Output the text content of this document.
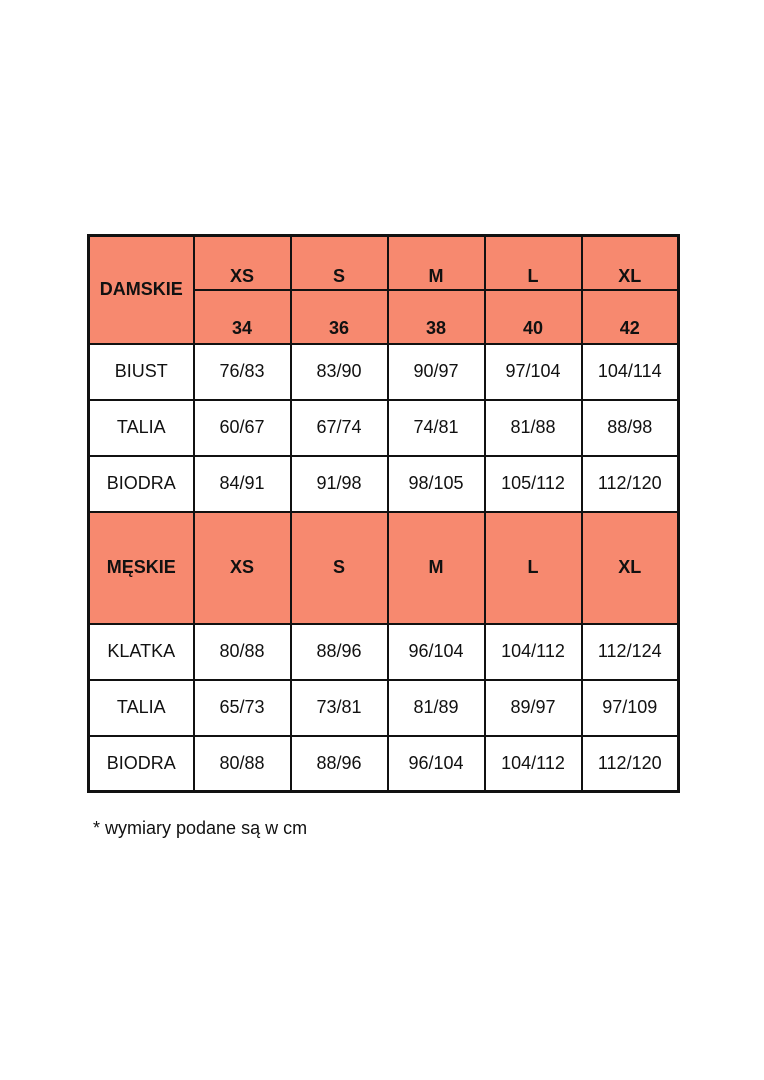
DAMSKIE	XS	S	M	L	XL
	34	36	38	40	42
BIUST	76/83	83/90	90/97	97/104	104/114
TALIA	60/67	67/74	74/81	81/88	88/98
BIODRA	84/91	91/98	98/105	105/112	112/120
MĘSKIE	XS	S	M	L	XL
KLATKA	80/88	88/96	96/104	104/112	112/124
TALIA	65/73	73/81	81/89	89/97	97/109
BIODRA	80/88	88/96	96/104	104/112	112/120
* wymiary podane są w cm
